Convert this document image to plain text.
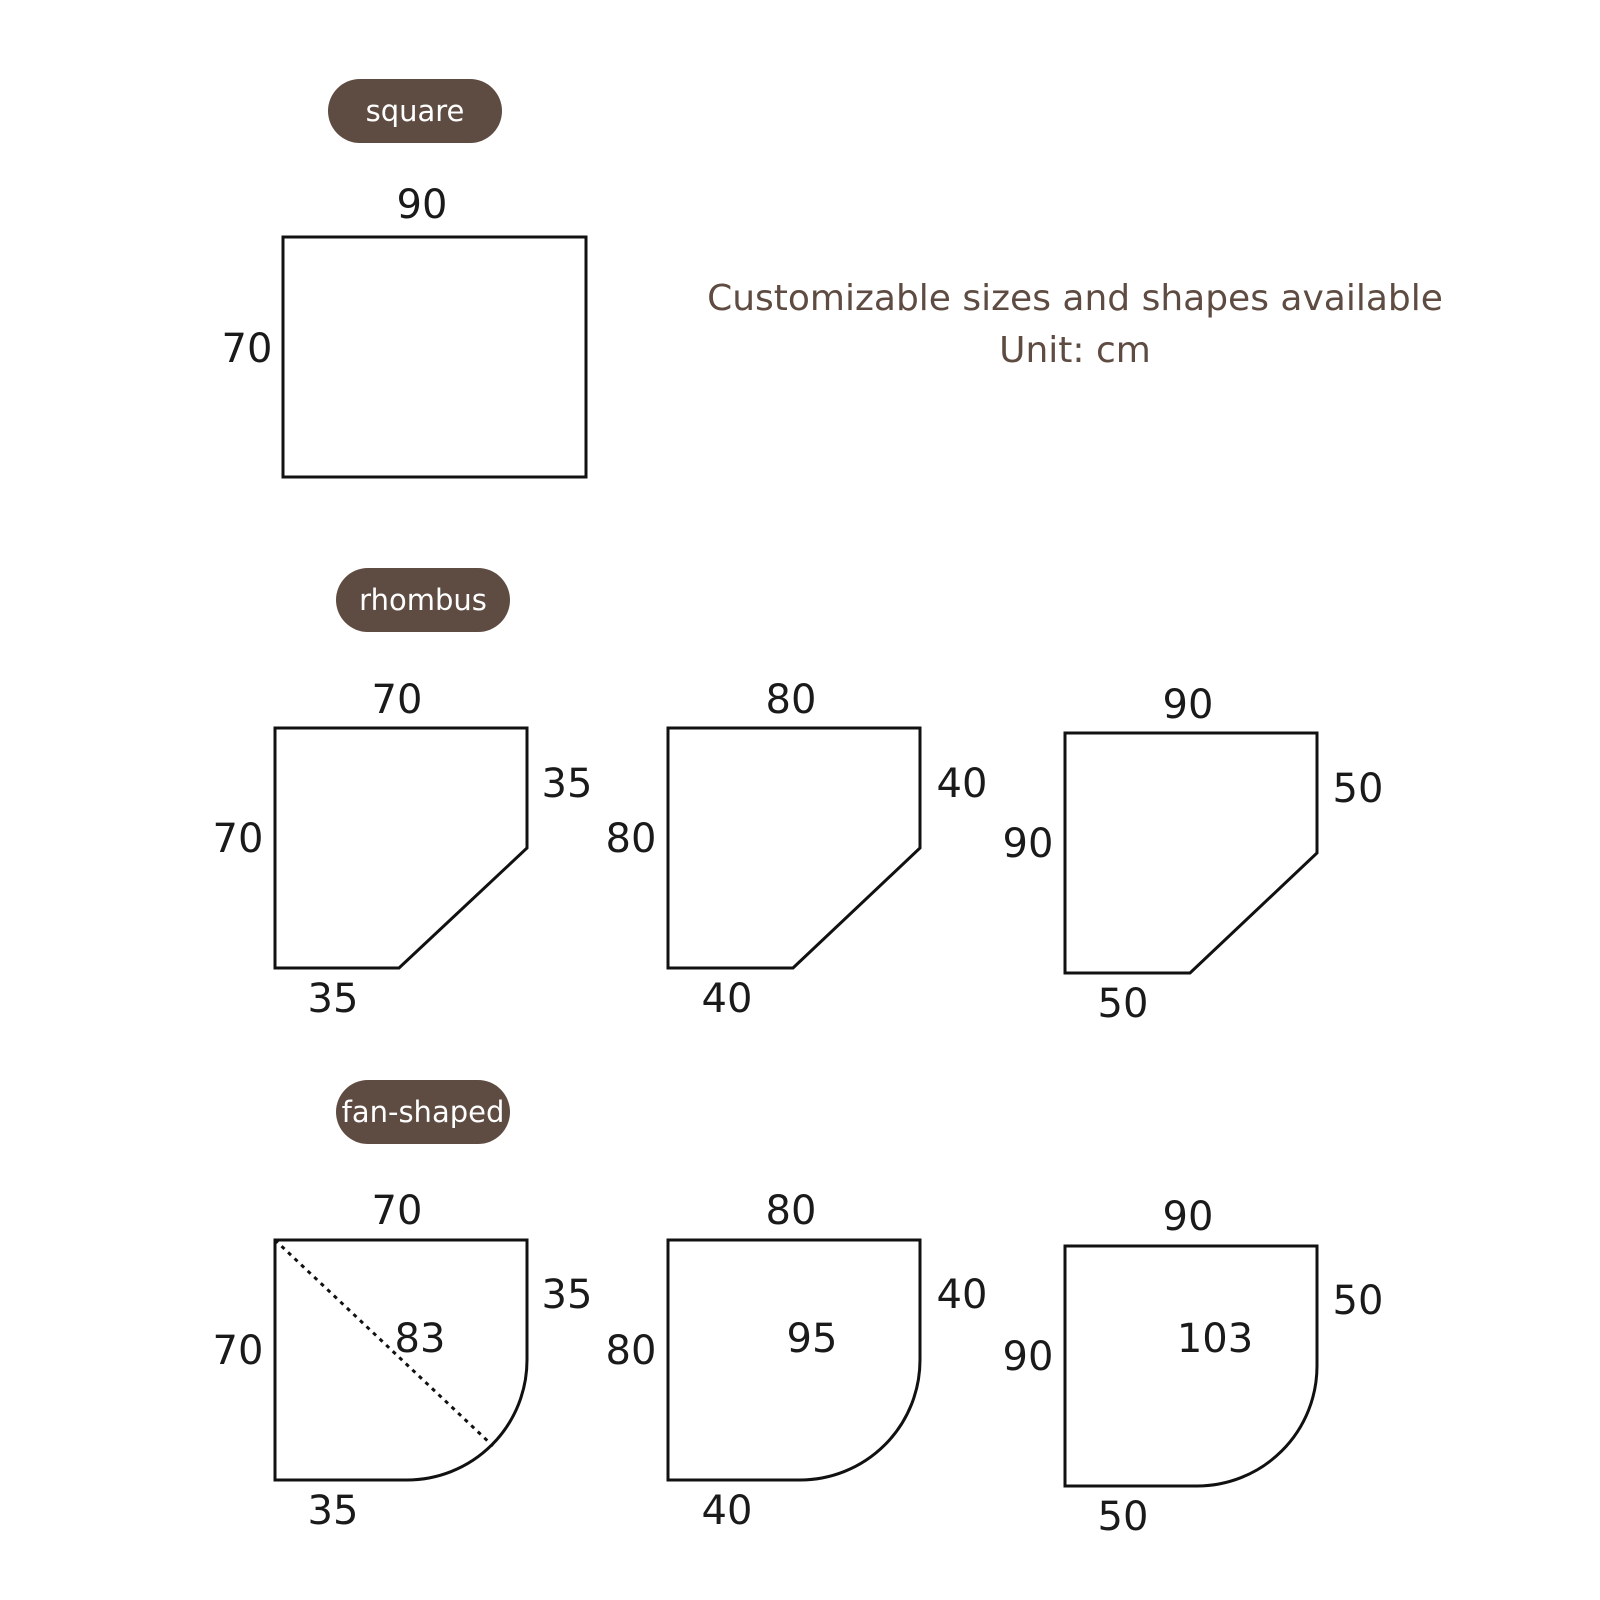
square
rhombus
fan-shaped
Customizable sizes and shapes available
Unit: cm
90
70
70
70
35
35
80
80
40
40
90
90
50
50
70
70
35
35
83
80
80
40
40
95
90
90
50
50
103
